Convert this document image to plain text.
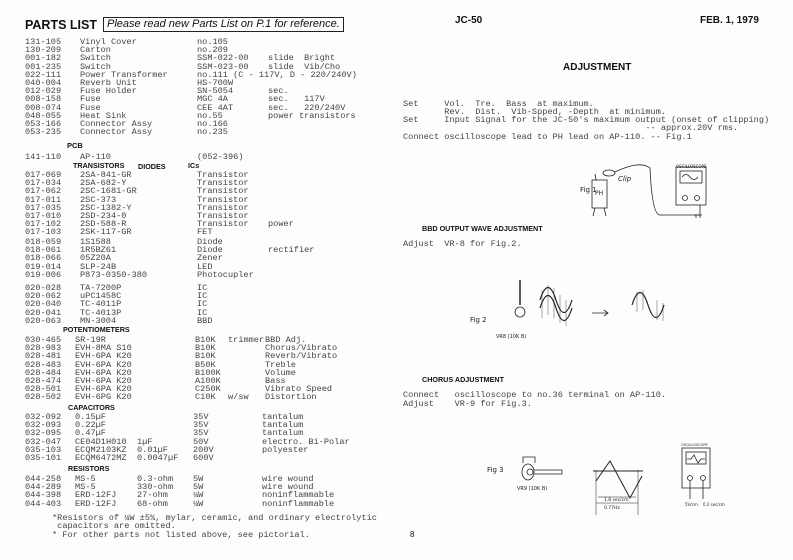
PARTS LIST Please read new Parts List on P.1 for reference.
131-105 Vinyl Cover	no.105
130-209 Carton	no.209
001-182 Switch	SSM-022-00 slide  Bright
001-235 Switch	SSM-023-00 slide  Vib/Cho
022-111 Power Transformer	no.111 (C - 117V, D - 220/240V)
040-004 Reverb Unit	HS-700W
012-029 Fuse Holder	SN-5054	sec.
008-158 Fuse	MGC 4A	sec.   117V
008-074 Fuse	CEE 4AT	sec.   220/240V
048-055 Heat Sink	no.55	power transistors
053-166 Connector Assy	no.166
053-235 Connector Assy	no.235
141-110 AP-110	(052-396)
017-069 2SA-841-GR	Transistor
017-034 2SA-682-Y	Transistor
017-062 2SC-1681-GR	Transistor
017-011 2SC-373	Transistor
017-035 2SC-1382-Y	Transistor
017-010 2SD-234-0	Transistor
017-102 2SD-588-R	Transistor power
017-103 2SK-117-GR	FET
018-059 1S1588	Diode
018-061 1R5BZ61	Diode	rectifier
018-066 05Z20A	Zener
019-014 SLP-24B	LED
019-006 P873-0350-380	Photocupler
020-028 TA-7200P	IC
020-062 uPC1458C	IC
020-040 TC-4011P	IC
020-041 TC-4013P	IC
020-063 MN-3004	BBD
030-465 SR-19R	B10K trimmer BBD Adj.
028-983 EVH-8MA S10	B10K	Chorus/Vibrato
028-481 EVH-6PA K20	B10K	Reverb/Vibrato
028-483 EVH-6PA K20	B50K	Treble
028-484 EVH-6PA K20	B100K	Volume
028-474 EVH-6PA K20	A100K	Bass
028-501 EVH-6PA K20	C250K	Vibrato Speed
028-502 EVH-6PG K20	C10K w/sw Distortion
032-092 0.15µF	35V	tantalum
032-093 0.22µF	35V	tantalum
032-095 0.47µF	35V	tantalum
032-047 CE04D1H010 1µF	50V	electro. Bi-Polar
035-103 ECQM2103KZ 0.01µF	200V	polyester
035-101 ECQM6472MZ 0.0047µF 600V
044-258 MS-5	0.3-ohm 5W	wire wound
044-289 MS-5	330-ohm 5W	wire wound
044-398 ERD-12FJ 27-ohm	¼W	noninflammable
044-403 ERD-12FJ 68-ohm	¼W	noninflammable
PCB
TRANSISTORS DIODES	ICs
POTENTIOMETERS
CAPACITORS
RESISTORS
*Resistors of ¼W ±5%, mylar, ceramic, and ordinary electrolytic
capacitors are omitted.
* For other parts not listed above, see pictorial.
JC-50	FEB. 1, 1979
ADJUSTMENT
Set     Vol.  Tre.  Bass  at maximum.
Rev.  Dist.  Vib-Spped, -Depth  at minimum.
Set     Input Signal for the JC-50's maximum output (onset of clipping)
-- approx.20V rms.
Connect oscilloscope lead to PH lead on AP-110. -- Fig.1
BBD OUTPUT WAVE ADJUSTMENT
Adjust  VR-8 for Fig.2.
CHORUS ADJUSTMENT
Connect   oscilloscope to no.36 terminal on AP-110.
Adjust    VR-9 for Fig.3.
8
Fig 1
Clip
PH
OSCILLOSCOPE
Fig 2
VR8 (10K B)
Fig 3
VR9 (10K B)
1.8 sec/cm
0.77Hz
OSCILLOSCOPE
5V/cm 0.2 sec/cm
